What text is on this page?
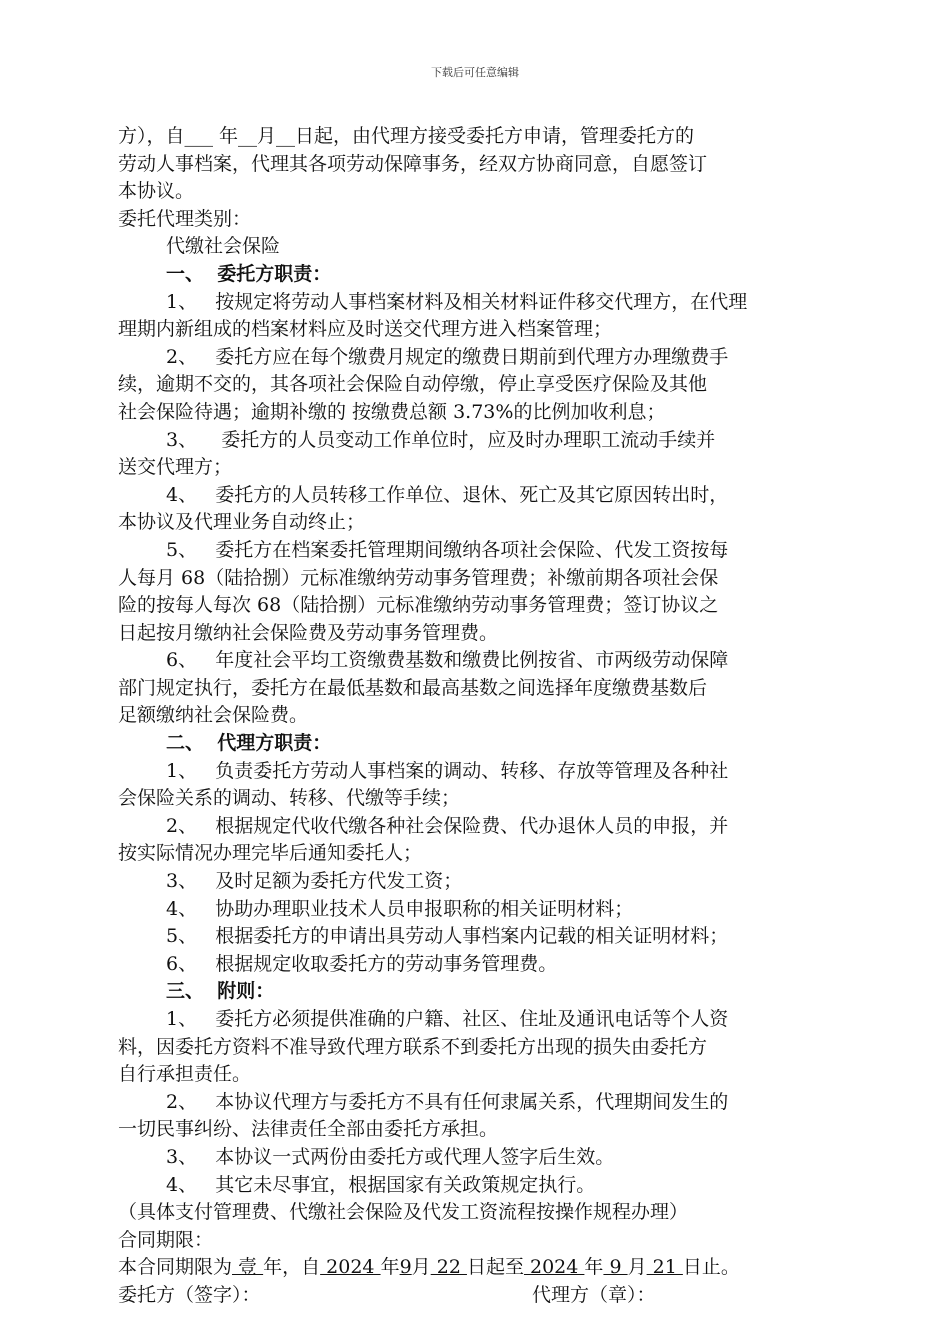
下载后可任意编辑
方），自___ 年__月__日起，由代理方接受委托方申请，管理委托方的
劳动人事档案，代理其各项劳动保障事务，经双方协商同意，自愿签订
本协议。
委托代理类别：
代缴社会保险
一、  委托方职责：
1、   按规定将劳动人事档案材料及相关材料证件移交代理方，在代理
理期内新组成的档案材料应及时送交代理方进入档案管理；
2、   委托方应在每个缴费月规定的缴费日期前到代理方办理缴费手
续，逾期不交的，其各项社会保险自动停缴，停止享受医疗保险及其他
社会保险待遇；逾期补缴的 按缴费总额 3.73%的比例加收利息；
3、    委托方的人员变动工作单位时，应及时办理职工流动手续并
送交代理方；
4、   委托方的人员转移工作单位、退休、死亡及其它原因转出时，
本协议及代理业务自动终止；
5、   委托方在档案委托管理期间缴纳各项社会保险、代发工资按每
人每月 68（陆拾捌）元标准缴纳劳动事务管理费；补缴前期各项社会保
险的按每人每次 68（陆拾捌）元标准缴纳劳动事务管理费；签订协议之
日起按月缴纳社会保险费及劳动事务管理费。
6、   年度社会平均工资缴费基数和缴费比例按省、市两级劳动保障
部门规定执行，委托方在最低基数和最高基数之间选择年度缴费基数后
足额缴纳社会保险费。
二、  代理方职责：
1、   负责委托方劳动人事档案的调动、转移、存放等管理及各种社
会保险关系的调动、转移、代缴等手续；
2、   根据规定代收代缴各种社会保险费、代办退休人员的申报，并
按实际情况办理完毕后通知委托人；
3、   及时足额为委托方代发工资；
4、   协助办理职业技术人员申报职称的相关证明材料；
5、   根据委托方的申请出具劳动人事档案内记载的相关证明材料；
6、   根据规定收取委托方的劳动事务管理费。
三、  附则：
1、   委托方必须提供准确的户籍、社区、住址及通讯电话等个人资
料，因委托方资料不准导致代理方联系不到委托方出现的损失由委托方
自行承担责任。
2、   本协议代理方与委托方不具有任何隶属关系，代理期间发生的
一切民事纠纷、法律责任全部由委托方承担。
3、   本协议一式两份由委托方或代理人签字后生效。
4、   其它未尽事宜，根据国家有关政策规定执行。
（具体支付管理费、代缴社会保险及代发工资流程按操作规程办理）
合同期限：
本合同期限为 壹 年，自 2024 年9月 22 日起至 2024 年 9 月 21 日止。
委托方（签字）：	代理方（章）：
